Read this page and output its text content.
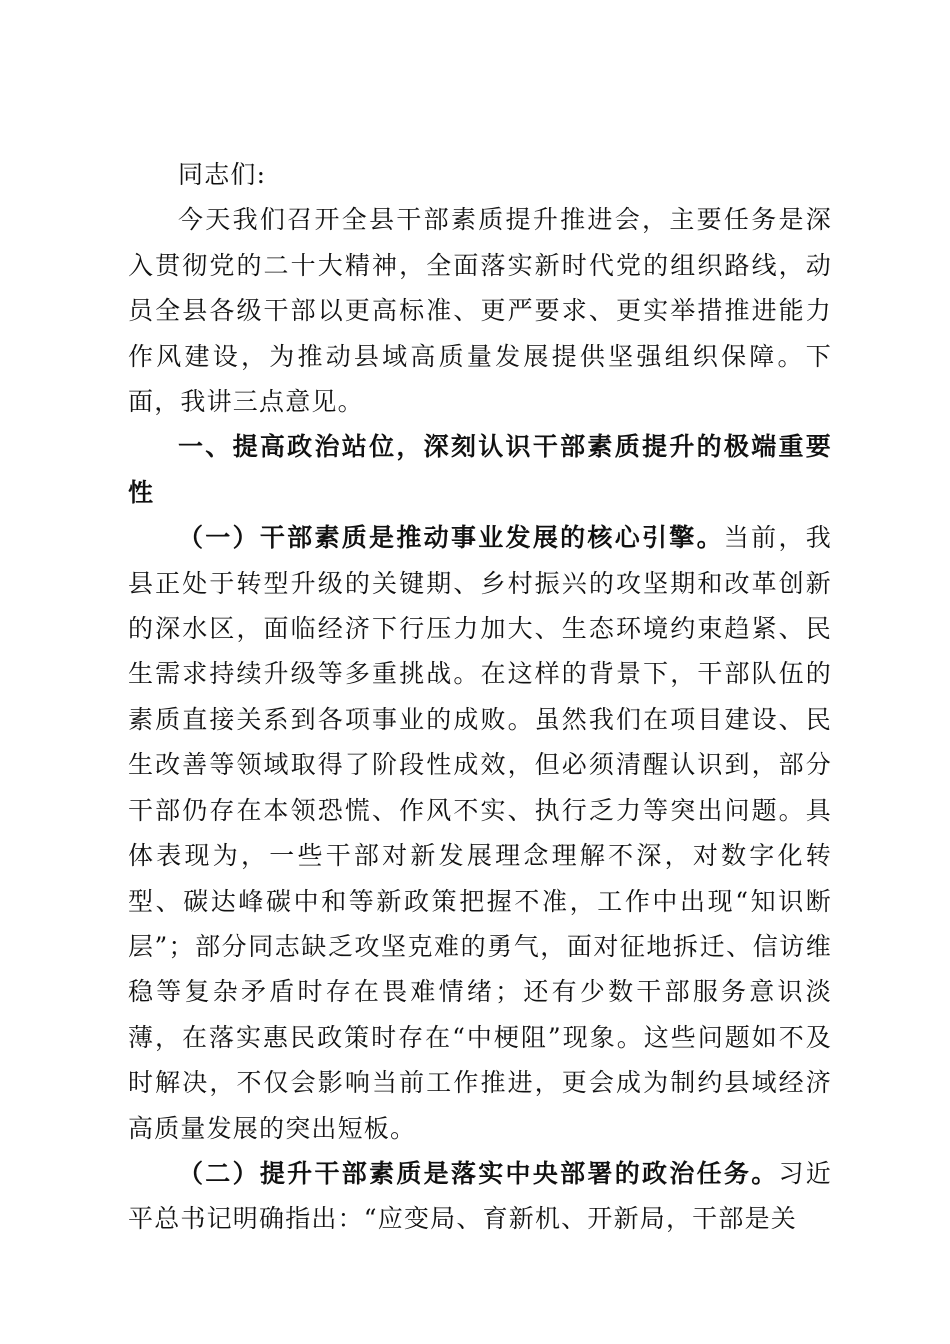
同志们:

今天我们召开全县干部素质提升推进会，主要任务是深入贯彻党的二十大精神，全面落实新时代党的组织路线，动员全县各级干部以更高标准、更严要求、更实举措推进能力作风建设，为推动县域高质量发展提供坚强组织保障。下面，我讲三点意见。

一、提高政治站位，深刻认识干部素质提升的极端重要性

（一）干部素质是推动事业发展的核心引擎。当前，我县正处于转型升级的关键期、乡村振兴的攻坚期和改革创新的深水区，面临经济下行压力加大、生态环境约束趋紧、民生需求持续升级等多重挑战。在这样的背景下，干部队伍的素质直接关系到各项事业的成败。虽然我们在项目建设、民生改善等领域取得了阶段性成效，但必须清醒认识到，部分干部仍存在本领恐慌、作风不实、执行乏力等突出问题。具体表现为，一些干部对新发展理念理解不深，对数字化转型、碳达峰碳中和等新政策把握不准，工作中出现“知识断层”；部分同志缺乏攻坚克难的勇气，面对征地拆迁、信访维稳等复杂矛盾时存在畏难情绪；还有少数干部服务意识淡薄，在落实惠民政策时存在“中梗阻”现象。这些问题如不及时解决，不仅会影响当前工作推进，更会成为制约县域经济高质量发展的突出短板。

（二）提升干部素质是落实中央部署的政治任务。习近平总书记明确指出：“应变局、育新机、开新局，干部是关
